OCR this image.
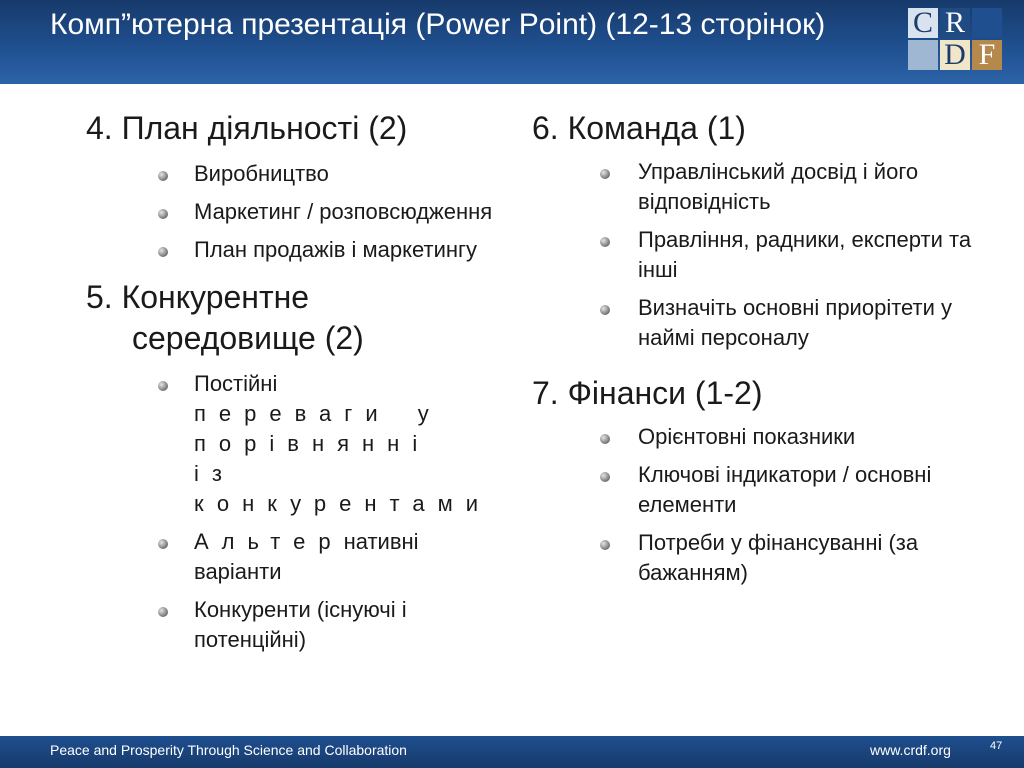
Комп”ютерна презентація (Power Point) (12-13 сторінок)	C R
D F
4. План діяльності (2)
Виробництво
Маркетинг / розповсюдження
План продажів і маркетингу
5. Конкурентне середовище (2)
Постійні
переваги у порівнянні із конкурентами
Альтернативні варіанти
Конкуренти (існуючі і потенційні)
6. Команда (1)
Управлінський досвід і його відповідність
Правління, радники, експерти та інші
Визначіть основні приорітети у наймі персоналу
7. Фінанси (1-2)
Орієнтовні показники
Ключові індикатори / основні елементи
Потреби у фінансуванні (за бажанням)
Peace and Prosperity Through Science and Collaboration	www.crdf.org	47
